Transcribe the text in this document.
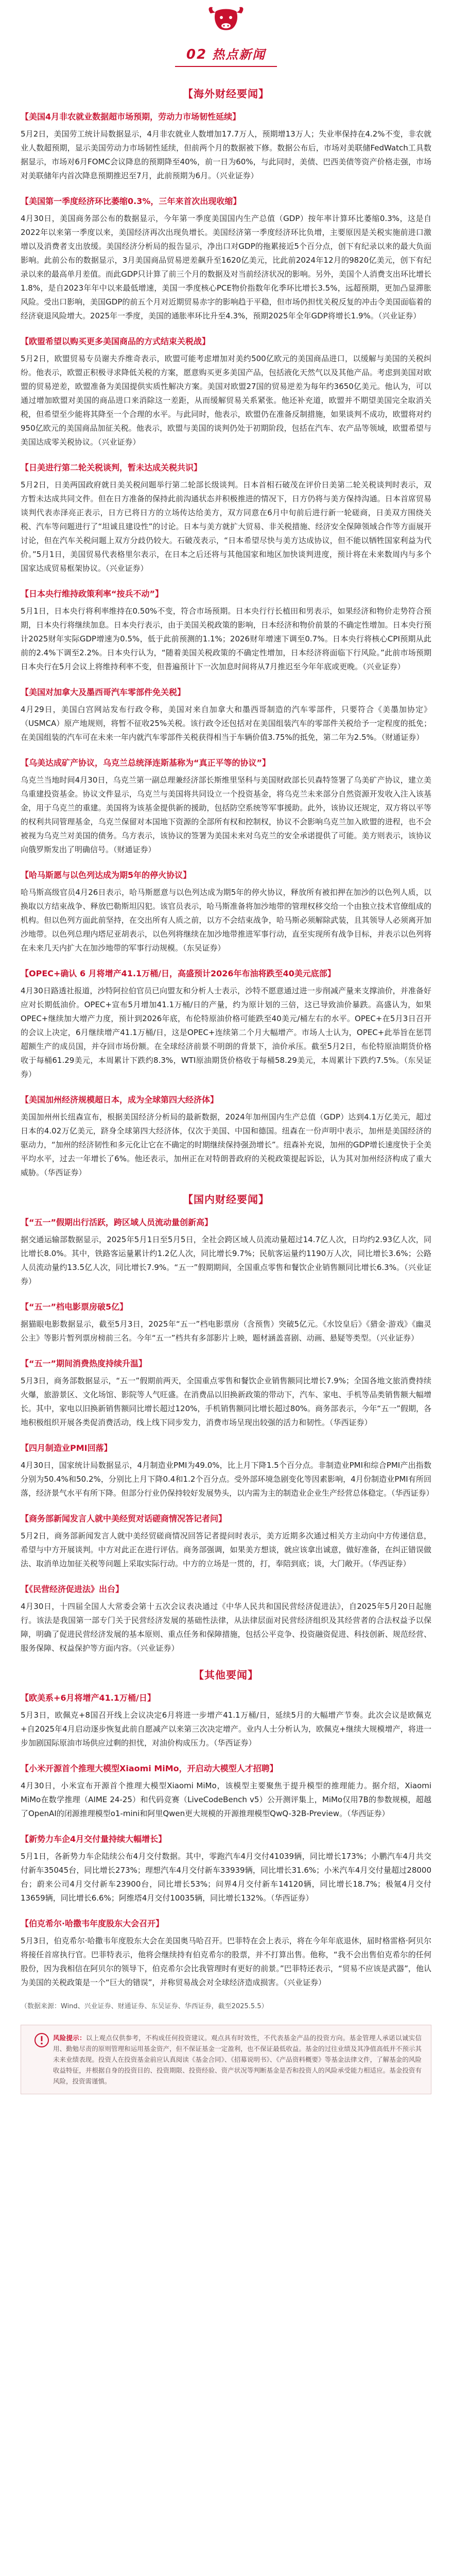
02 热点新闻
【海外财经要闻】
【美国4月非农就业数据超市场预期，劳动力市场韧性延续】

5月2日，美国劳工统计局数据显示，4月非农就业人数增加17.7万人，预期增13万人；失业率保持在4.2%不变，非农就业人数超预期，显示美国劳动力市场韧性延续，但前两个月的数据被下修。数据公布后，市场对美联储FedWatch工具数据显示，市场对6月FOMC会议降息的预期降至40%，前一日为60%，与此同时，美债、巴西美债等资产价格走强，市场对美联储年内首次降息预期推迟至7月，此前预期为6月。（兴业证券）

【美国第一季度经济环比萎缩0.3%，三年来首次出现收缩】

4月30日，美国商务部公布的数据显示，今年第一季度美国国内生产总值（GDP）按年率计算环比萎缩0.3%，这是自2022年以来第一季度以来，美国经济再次出现负增长。美国经济第一季度经济环比负增，主要原因是关税实施前进口激增以及消费者支出放缓。美国经济分析局的报告显示，净出口对GDP的拖累接近5个百分点，创下有纪录以来的最大负面影响。此前公布的数据显示，3月美国商品贸易逆差飙升至1620亿美元，比此前2024年12月的9820亿美元，创下有纪录以来的最高单月差值。而此GDP只计算了前三个月的数据及对当前经济状况的影响。另外，美国个人消费支出环比增长1.8%，是自2023年年中以来最低增速，美国一季度核心PCE物价指数年化季环比增长3.5%，远超预期，更加凸显滞胀风险。受出口影响，美国GDP的前五个月对近期贸易赤字的影响趋于平稳，但市场仍担忧关税反复的冲击令美国面临着的经济衰退风险增大。2025年一季度，美国的通胀率环比升至4.3%，预期2025年全年GDP将增长1.9%。（兴业证券）

【欧盟希望以购买更多美国商品的方式结束关税战】

5月2日，欧盟贸易专员谢夫乔维奇表示，欧盟可能考虑增加对美约500亿欧元的美国商品进口，以缓解与美国的关税纠纷。他表示，欧盟正积极寻求降低关税的方案，愿意购买更多美国产品，包括液化天然气以及其他产品。考虑到美国对欧盟的贸易逆差，欧盟准备为美国提供实质性解决方案。美国对欧盟27国的贸易逆差为每年约3650亿美元。他认为，可以通过增加欧盟对美国的商品进口来消除这一差距，从而缓解贸易关系紧张。他还补充道，欧盟并不期望美国完全取消关税，但希望至少能将其降至一个合理的水平。与此同时，他表示，欧盟仍在准备反制措施，如果谈判不成功，欧盟将对约950亿欧元的美国商品加征关税。他表示，欧盟与美国的谈判仍处于初期阶段，包括在汽车、农产品等领域，欧盟希望与美国达成零关税协议。（兴业证券）

【日美进行第二轮关税谈判，暂未达成关税共识】

5月2日，日美两国政府就日美关税问题举行第二轮部长级谈判。日本首相石破茂在评价日美第二轮关税谈判时表示，双方暂未达成共同文件。但在日方准备的保持此前沟通状态并积极推进的情况下，日方仍将与美方保持沟通。日本首席贸易谈判代表赤泽亮正表示，日方已将日方的立场传达给美方，双方同意在6月中旬前后进行新一轮磋商，日美双方围绕关税、汽车等问题进行了“坦诚且建设性”的讨论。日本与美方就扩大贸易、非关税措施、经济安全保障领域合作等方面展开讨论，但在汽车关税问题上双方分歧仍较大。石破茂表示，“日本希望尽快与美方达成协议，但不能以牺牲国家利益为代价。”5月1日，美国贸易代表格里尔表示，在日本之后还将与其他国家和地区加快谈判进度，预计将在未来数周内与多个国家达成贸易框架协议。（兴业证券）

【日本央行维持政策利率“按兵不动”】

5月1日，日本央行将利率维持在0.50%不变，符合市场预期。日本央行行长植田和男表示，如果经济和物价走势符合预期，日本央行将继续加息。日本央行表示，由于美国关税政策的影响，日本经济和物价前景的不确定性增加。日本央行预计2025财年实际GDP增速为0.5%，低于此前预测的1.1%；2026财年增速下调至0.7%。日本央行将核心CPI预期从此前的2.4%下调至2.2%。日本央行认为，“随着美国关税政策的不确定性增加，日本经济将面临下行风险。”此前市场预期日本央行在5月会议上将维持利率不变，但普遍预计下一次加息时间将从7月推迟至今年年底或更晚。（兴业证券）

【美国对加拿大及墨西哥汽车零部件免关税】

4月29日，美国白宫网站发布行政令称，美国对来自加拿大和墨西哥制造的汽车零部件，只要符合《美墨加协定》（USMCA）原产地规则，将暂不征收25%关税。该行政令还包括对在美国组装汽车的零部件关税给予一定程度的抵免；在美国组装的汽车可在未来一年内就汽车零部件关税获得相当于车辆价值3.75%的抵免，第二年为2.5%。（财通证券）

【乌美达成矿产协议，乌克兰总统泽连斯基称为“真正平等的协议”】

乌克兰当地时间4月30日，乌克兰第一副总理兼经济部长斯维里坚科与美国财政部长贝森特签署了乌美矿产协议，建立美乌重建投资基金。协议文件显示，乌克兰与美国将共同设立一个投资基金，将乌克兰未来部分自然资源开发收入注入该基金，用于乌克兰的重建。美国将为该基金提供新的援助，包括防空系统等军事援助。此外，该协议还规定，双方将以平等的权利共同管理基金，乌克兰保留对本国地下资源的全部所有权和控制权，协议不会影响乌克兰加入欧盟的进程，也不会被视为乌克兰对美国的债务。乌方表示，该协议的签署为美国未来对乌克兰的安全承诺提供了可能。美方则表示，该协议向俄罗斯发出了明确信号。（财通证券）

【哈马斯愿与以色列达成为期5年的停火协议】

哈马斯高级官员4月26日表示，哈马斯愿意与以色列达成为期5年的停火协议，释放所有被扣押在加沙的以色列人质，以换取以方结束战争、释放巴勒斯坦囚犯。该官员表示，哈马斯准备将加沙地带的管理权移交给一个由独立技术官僚组成的机构。但以色列方面此前坚持，在交出所有人质之前，以方不会结束战争，哈马斯必须解除武装，且其领导人必须离开加沙地带。以色列总理内塔尼亚胡表示，以色列将继续在加沙地带推进军事行动，直至实现所有战争目标，并表示以色列将在未来几天内扩大在加沙地带的军事行动规模。（东吴证券）

【OPEC+确认 6 月将增产41.1万桶/日，高盛预计2026年布油将跌至40美元底部】

4月30日路透社报道，沙特阿拉伯官员已向盟友和分析人士表示，沙特不愿意通过进一步削减产量来支撑油价，并准备好应对长期低油价。OPEC+宣布5月增加41.1万桶/日的产量，约为原计划的三倍，这已导致油价暴跌。高盛认为，如果OPEC+继续加大增产力度，预计到2026年底，布伦特原油价格可能跌至40美元/桶左右的水平。OPEC+在5月3日召开的会议上决定，6月继续增产41.1万桶/日，这是OPEC+连续第二个月大幅增产。市场人士认为，OPEC+此举旨在惩罚超额生产的成员国，并夺回市场份额。在全球经济前景不明朗的背景下，油价承压。截至5月2日，布伦特原油期货价格收于每桶61.29美元，本周累计下跌约8.3%，WTI原油期货价格收于每桶58.29美元，本周累计下跌约7.5%。（东吴证券）

【美国加州经济规模超日本，成为全球第四大经济体】

美国加州州长纽森宣布，根据美国经济分析局的最新数据，2024年加州国内生产总值（GDP）达到4.1万亿美元，超过日本的4.02万亿美元，跻身全球第四大经济体，仅次于美国、中国和德国。纽森在一份声明中表示，加州是美国经济的驱动力，“加州的经济韧性和多元化让它在不确定的时期继续保持强劲增长”。纽森补充说，加州的GDP增长速度快于全美平均水平，过去一年增长了6%。他还表示，加州正在对特朗普政府的关税政策提起诉讼，认为其对加州经济构成了重大威胁。（华西证券）

【国内财经要闻】
【“五一”假期出行活跃，跨区域人员流动量创新高】

据交通运输部数据显示，2025年5月1日至5月5日，全社会跨区域人员流动量超过14.7亿人次，日均约2.93亿人次，同比增长8.0%。其中，铁路客运量累计约1.2亿人次，同比增长9.7%；民航客运量约1190万人次，同比增长3.6%；公路人员流动量约13.5亿人次，同比增长7.9%。“五一”假期期间，全国重点零售和餐饮企业销售额同比增长6.3%。（兴业证券）

【“五一”档电影票房破5亿】

据猫眼电影数据显示，截至5月3日，2025年“五一”档电影票房（含预售）突破5亿元。《水饺皇后》《猎金·游戏》《幽灵公主》等影片暂列票房榜前三名。今年“五一”档共有多部影片上映，题材涵盖喜剧、动画、悬疑等类型。（兴业证券）

【“五一”期间消费热度持续升温】

5月3日，商务部数据显示，“五一”假期前两天，全国重点零售和餐饮企业销售额同比增长7.9%；全国各地文旅消费持续火爆，旅游景区、文化场馆、影院等人气旺盛。在消费品以旧换新政策的带动下，汽车、家电、手机等品类销售额大幅增长。其中，家电以旧换新销售额同比增长超过120%，手机销售额同比增长超过80%。商务部表示，今年“五一”假期，各地积极组织开展各类促消费活动，线上线下同步发力，消费市场呈现出较强的活力和韧性。（华西证券）

【四月制造业PMI回落】

4月30日，国家统计局数据显示，4月制造业PMI为49.0%，比上月下降1.5个百分点。非制造业PMI和综合PMI产出指数分别为50.4%和50.2%，分别比上月下降0.4和1.2个百分点。受外部环境急剧变化等因素影响，4月份制造业PMI有所回落，经济景气水平有所下降。但部分行业仍保持较好发展势头，以内需为主的制造业企业生产经营总体稳定。（华西证券）

【商务部新闻发言人就中美经贸对话磋商情况答记者问】

5月2日，商务部新闻发言人就中美经贸磋商情况回答记者提问时表示，美方近期多次通过相关方主动向中方传递信息，希望与中方开展谈判。中方对此正在进行评估。商务部强调，如果美方想谈，就应该拿出诚意，做好准备，在纠正错误做法、取消单边加征关税等问题上采取实际行动。中方的立场是一贯的，打，奉陪到底；谈，大门敞开。（华西证券）

【《民营经济促进法》出台】

4月30日，十四届全国人大常委会第十五次会议表决通过《中华人民共和国民营经济促进法》，自2025年5月20日起施行。该法是我国第一部专门关于民营经济发展的基础性法律，从法律层面对民营经济组织及其经营者的合法权益予以保障，明确了促进民营经济发展的基本原则、重点任务和保障措施，包括公平竞争、投资融资促进、科技创新、规范经营、服务保障、权益保护等方面内容。（兴业证券）

【其他要闻】
【欧美系+6月将增产41.1万桶/日】

5月3日，欧佩克+8国召开线上会议决定6月将进一步增产41.1万桶/日，延续5月的大幅增产节奏。此次会议是欧佩克+自2025年4月启动逐步恢复此前自愿减产以来第三次决定增产。业内人士分析认为，欧佩克+继续大规模增产，将进一步加剧国际原油市场供应过剩的担忧，对油价构成压力。（华西证券）

【小米开源首个推理大模型Xiaomi MiMo，开启动大模型人才招聘】

4月30日，小米宣布开源首个推理大模型Xiaomi MiMo，该模型主要聚焦于提升模型的推理能力。据介绍，Xiaomi MiMo在数学推理（AIME 24-25）和代码竞赛（LiveCodeBench v5）公开测评集上，MiMo仅用7B的参数规模，超越了OpenAI的闭源推理模型o1-mini和阿里Qwen更大规模的开源推理模型QwQ-32B-Preview。（华西证券）

【新势力车企4月交付量持续大幅增长】

5月1日，各新势力车企陆续公布4月交付数据。其中，零跑汽车4月交付41039辆，同比增长173%；小鹏汽车4月共交付新车35045台，同比增长273%；理想汽车4月交付新车33939辆，同比增长31.6%；小米汽车4月交付量超过28000台；蔚来公司4月交付新车23900台，同比增长53%；问界4月交付新车14120辆，同比增长18.7%；极氪4月交付13659辆，同比增长6.6%；阿维塔4月交付10035辆，同比增长132%。（华西证券）

【伯克希尔·哈撒韦年度股东大会召开】

5月3日，伯克希尔·哈撒韦年度股东大会在美国奥马哈召开。巴菲特在会上表示，将在今年年底退休，届时格雷格·阿贝尔将接任首席执行官。巴菲特表示，他将会继续持有伯克希尔的股票，并不打算出售。他称，“我不会出售伯克希尔的任何股份，因为我相信在阿贝尔的领导下，伯克希尔会比我管理时有更好的前景。”巴菲特还表示，“贸易不应该是武器”，他认为美国的关税政策是一个“巨大的错误”，并称贸易战会对全球经济造成损害。（兴业证券）

（数据来源：Wind、兴业证券、财通证券、东吴证券、华西证券，截至2025.5.5）
风险提示：以上观点仅供参考，不构成任何投资建议。观点具有时效性，不代表基金产品的投资方向。基金管理人承诺以诚实信用、勤勉尽责的原则管理和运用基金资产，但不保证基金一定盈利，也不保证最低收益。基金的过往业绩及其净值高低并不预示其未来业绩表现。投资人在投资基金前应认真阅读《基金合同》、《招募说明书》、《产品资料概要》等基金法律文件，了解基金的风险收益特征，并根据自身的投资目的、投资期限、投资经验、资产状况等判断基金是否和投资人的风险承受能力相适应。基金投资有风险，投资需谨慎。
